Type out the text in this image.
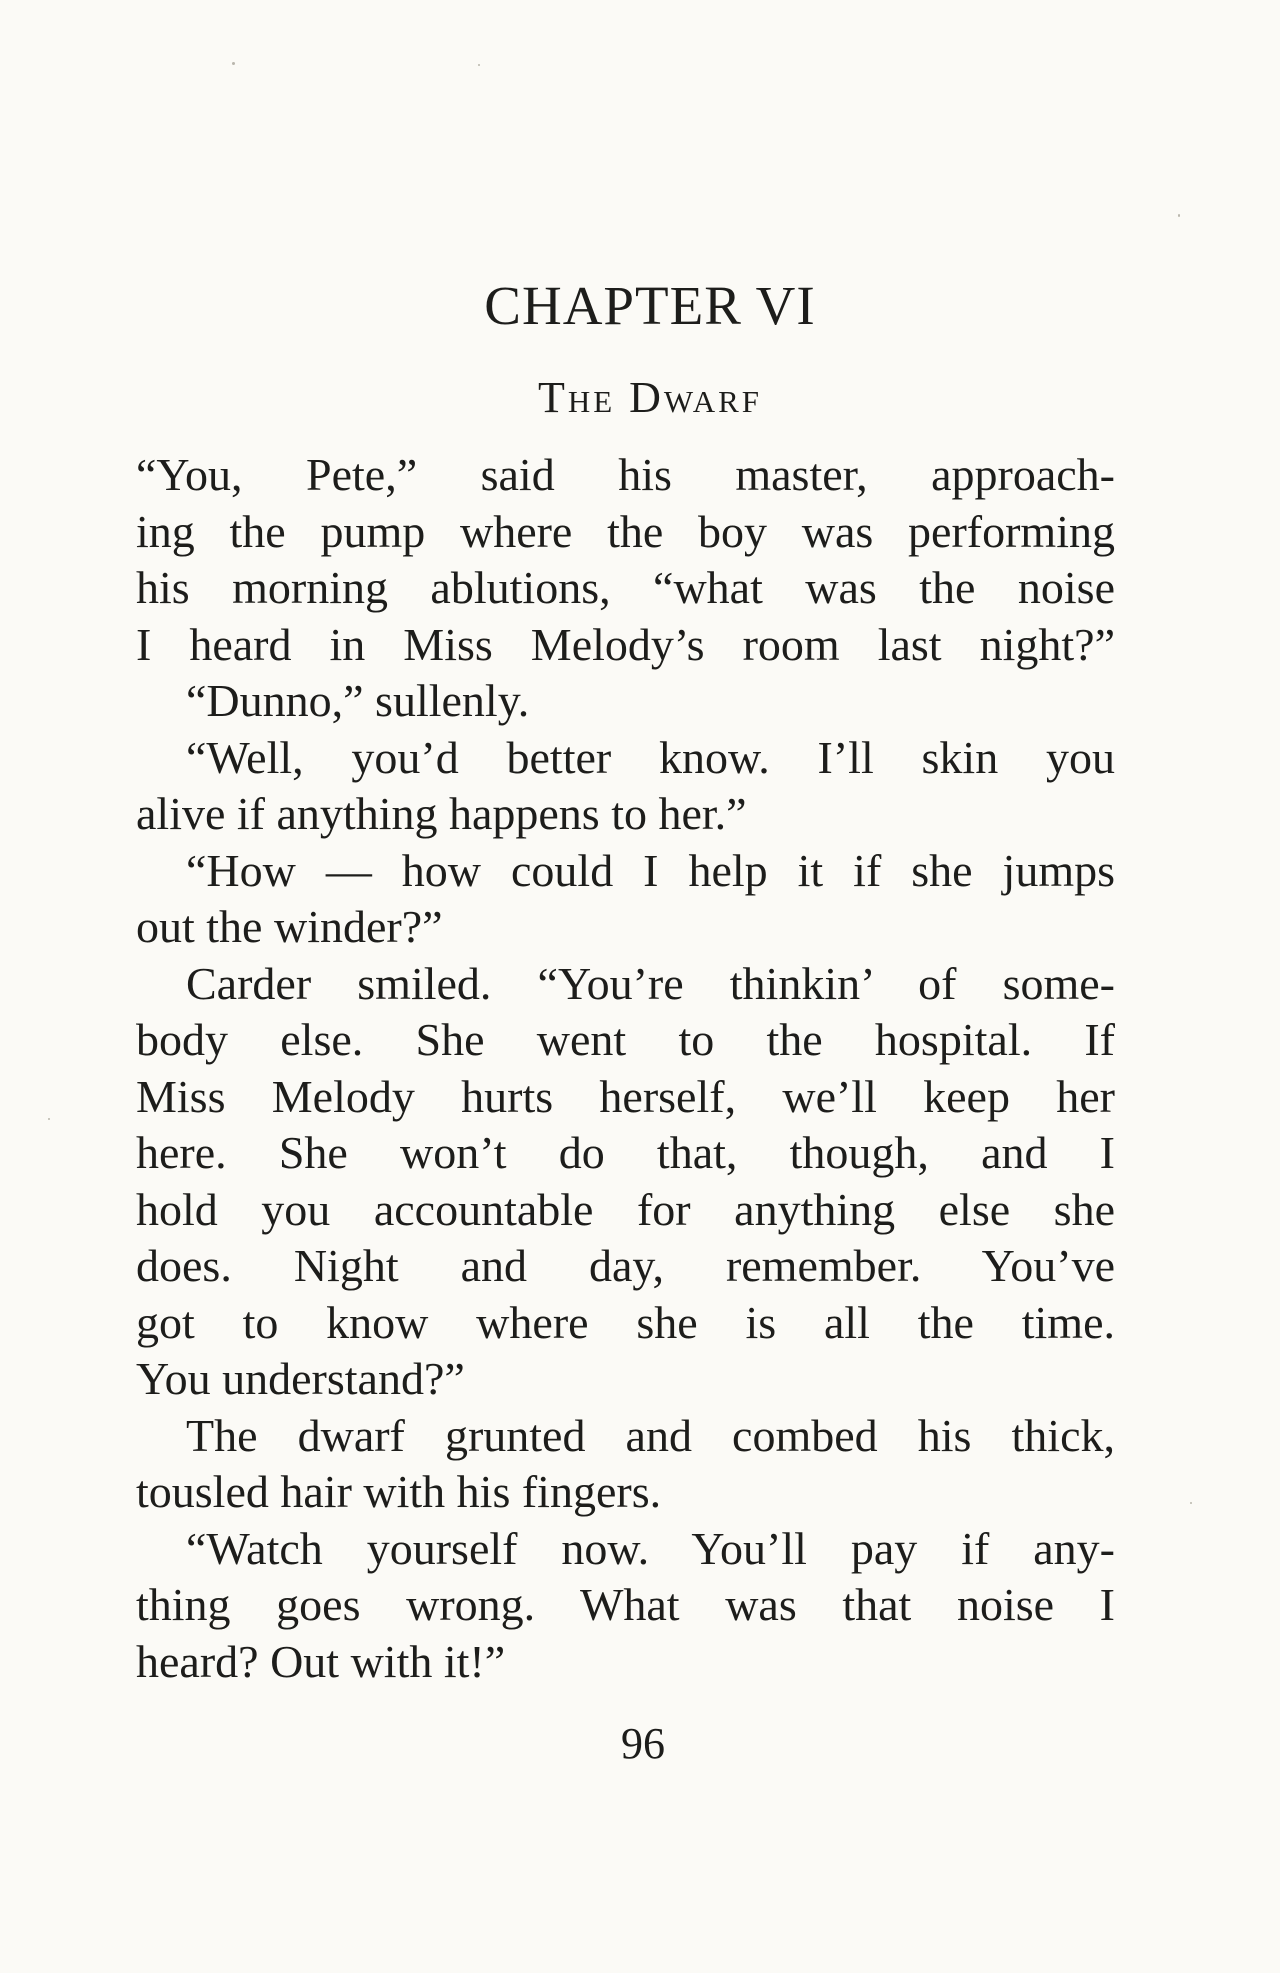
CHAPTER VI
The Dwarf

“You, Pete,” said his master, approach-
ing the pump where the boy was performing
his morning ablutions, “what was the noise
I heard in Miss Melody’s room last night?”

“Dunno,” sullenly.

“Well, you’d better know. I’ll skin you
alive if anything happens to her.”

“How — how could I help it if she jumps
out the winder?”

Carder smiled. “You’re thinkin’ of some-
body else. She went to the hospital. If
Miss Melody hurts herself, we’ll keep her
here. She won’t do that, though, and I
hold you accountable for anything else she
does. Night and day, remember. You’ve
got to know where she is all the time.
You understand?”

The dwarf grunted and combed his thick,
tousled hair with his fingers.

“Watch yourself now. You’ll pay if any-
thing goes wrong. What was that noise I
heard? Out with it!”

96
